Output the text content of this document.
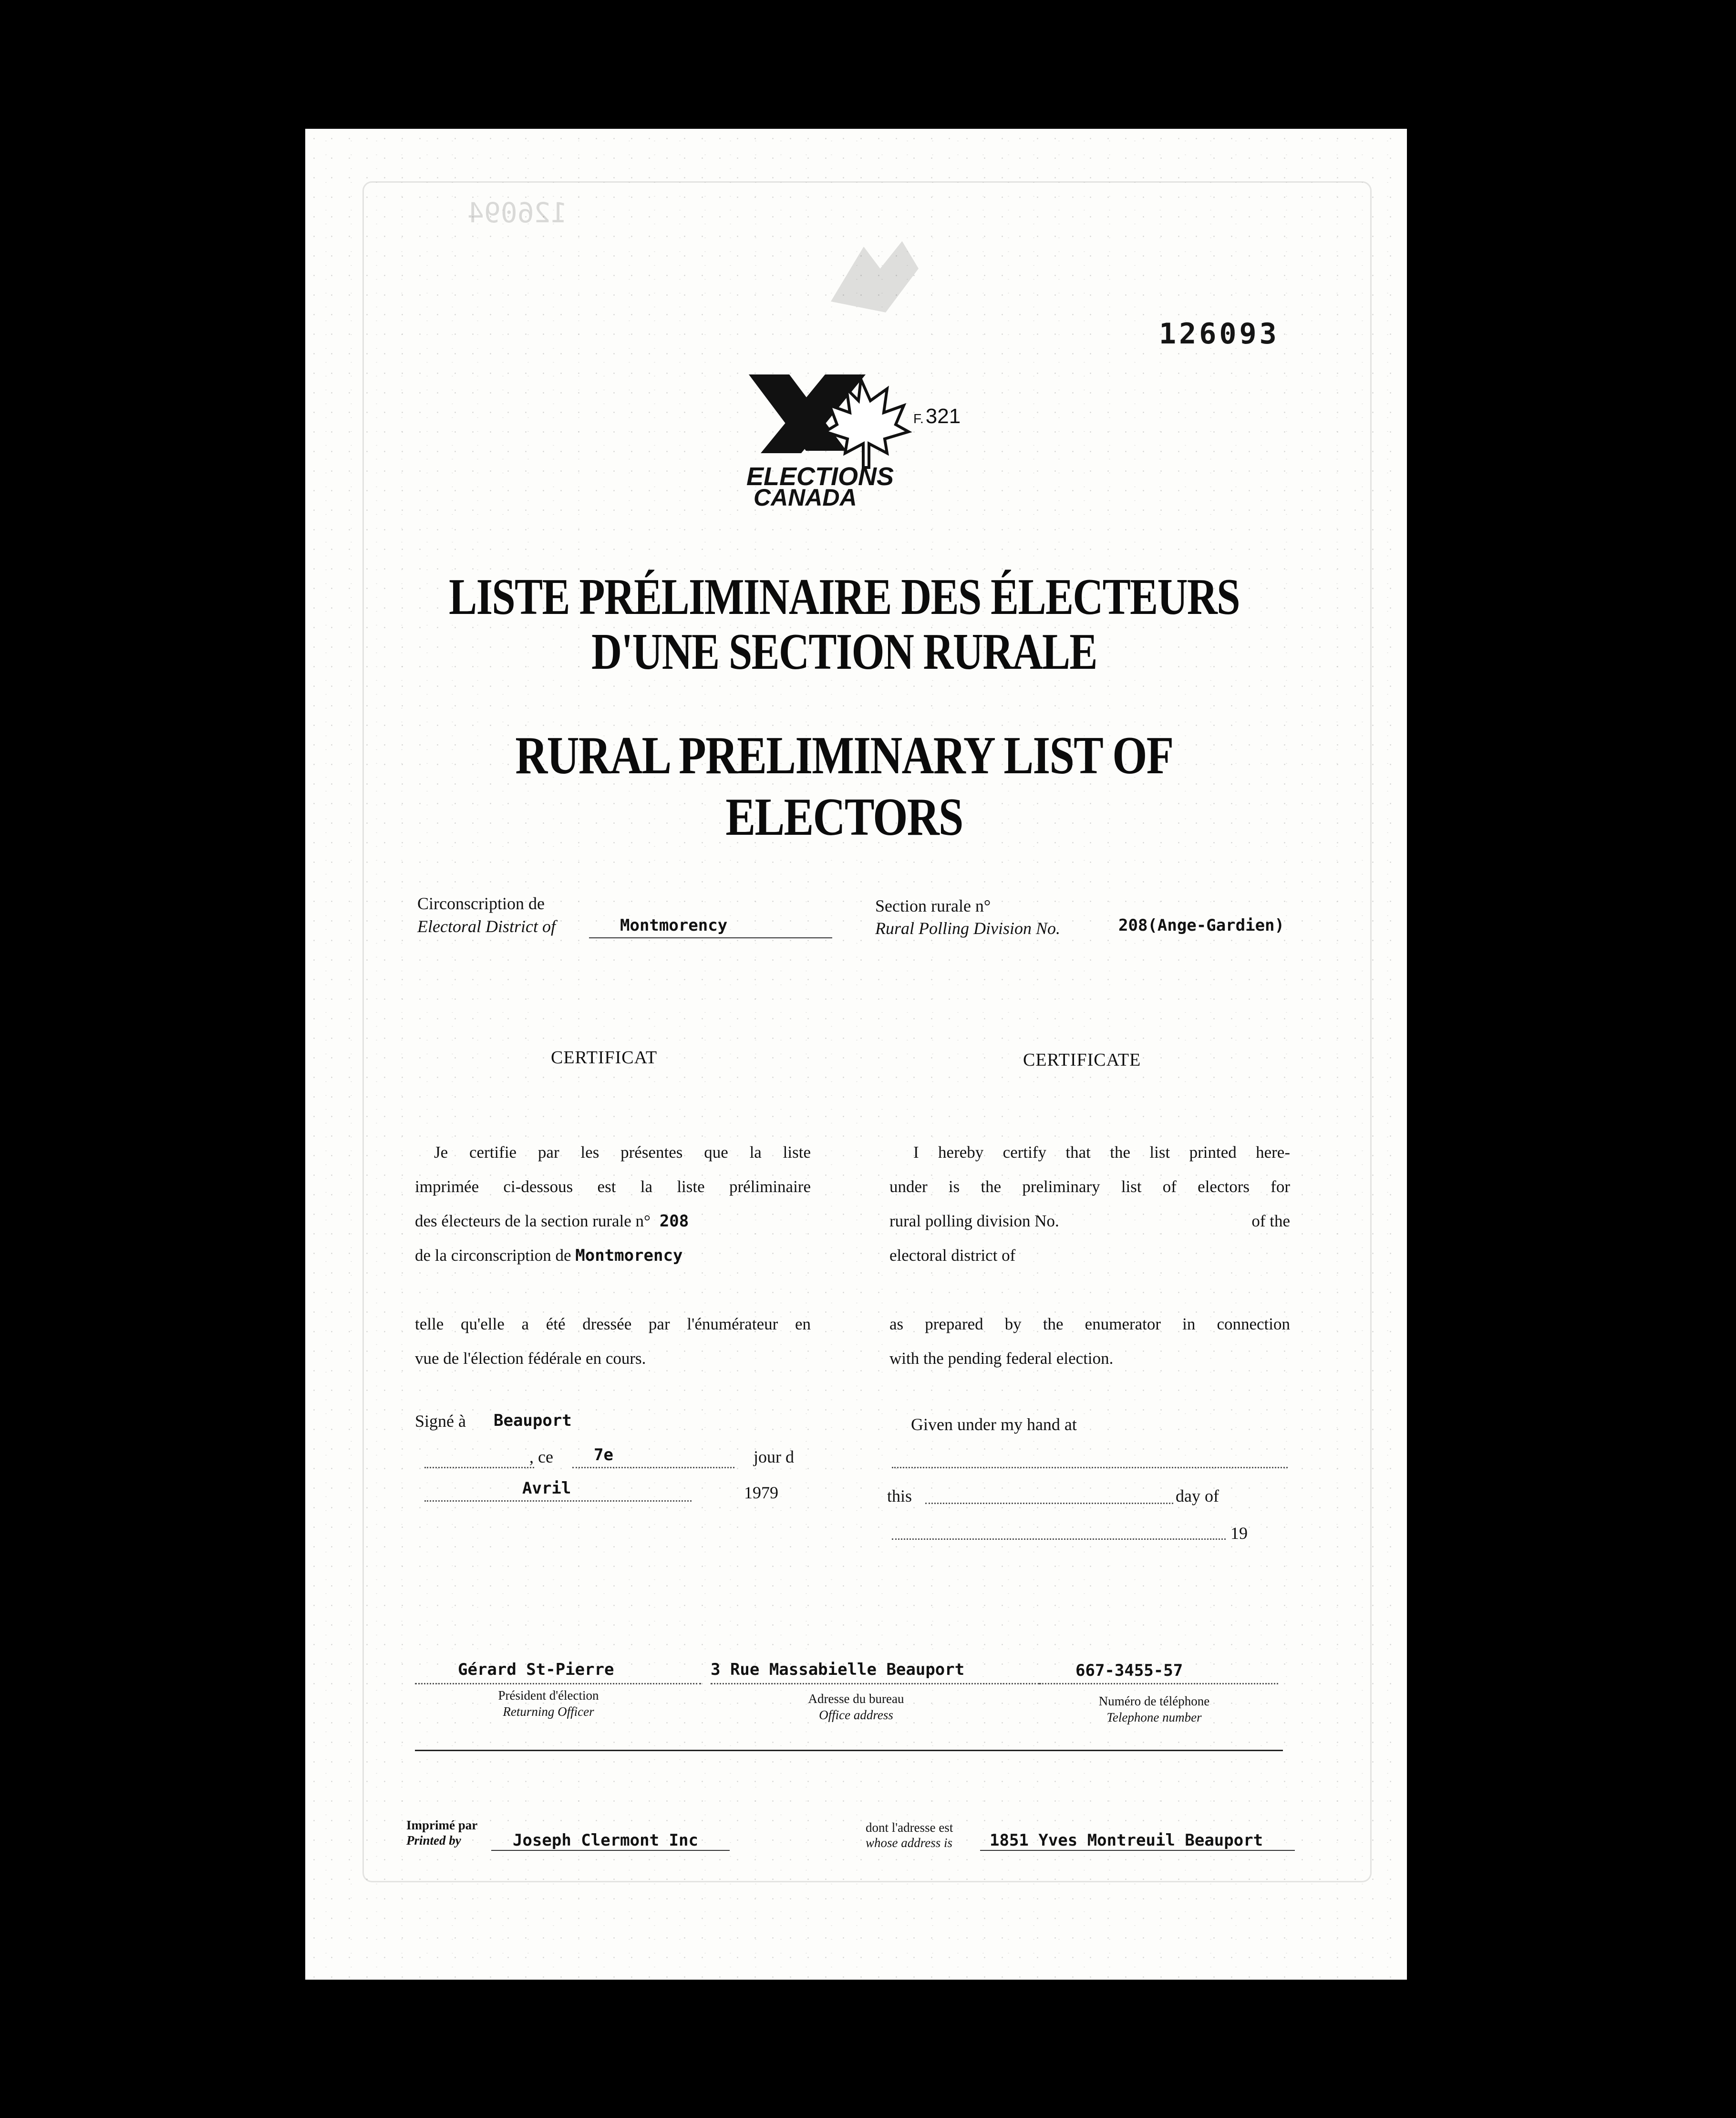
126094

126093
ELECTIONS
CANADA
F.321
LISTE PRÉLIMINAIRE DES ÉLECTEURS
D'UNE SECTION RURALE
RURAL PRELIMINARY LIST OF ELECTORS
Circonscription de
Electoral District of	Montmorency
Section rurale n°
Rural Polling Division No.	208(Ange-Gardien)
CERTIFICAT
Je certifie par les présentes que la liste
imprimée ci-dessous est la liste préliminaire
des électeurs de la section rurale n° 208
de la circonscription de Montmorency
telle qu'elle a été dressée par l'énumérateur en
vue de l'élection fédérale en cours.
Signé à Beauport
, ce	7e	jour d
Avril	1979
CERTIFICATE
I hereby certify that the list printed here-
under is the preliminary list of electors for
rural polling division No.	of the
electoral district of
as prepared by the enumerator in connection
with the pending federal election.
Given under my hand at
this	day of
19
Gérard St-Pierre
Président d'élection
Returning Officer
3 Rue Massabielle Beauport
Adresse du bureau
Office address
667-3455-57
Numéro de téléphone
Telephone number
Imprimé par
Printed by	Joseph Clermont Inc
dont l'adresse est
whose address is 1851 Yves Montreuil Beauport
